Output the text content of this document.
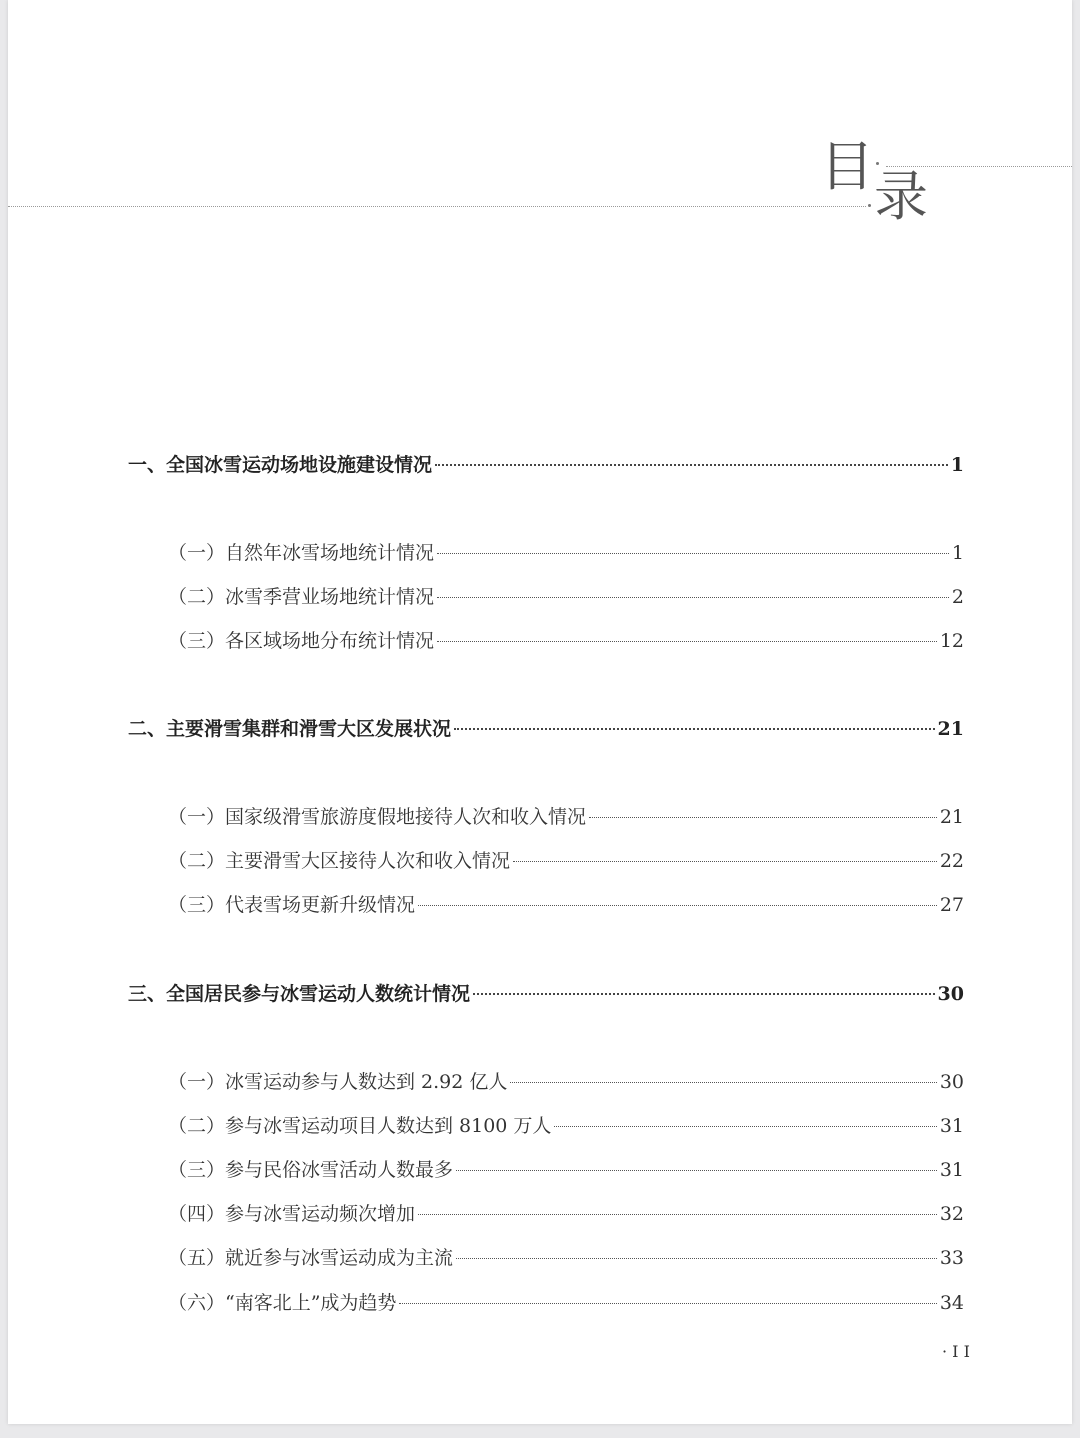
目 录
一、全国冰雪运动场地设施建设情况	1
（一）自然年冰雪场地统计情况	1
（二）冰雪季营业场地统计情况	2
（三）各区域场地分布统计情况	12
二、主要滑雪集群和滑雪大区发展状况	21
（一）国家级滑雪旅游度假地接待人次和收入情况	21
（二）主要滑雪大区接待人次和收入情况	22
（三）代表雪场更新升级情况	27
三、全国居民参与冰雪运动人数统计情况	30
（一）冰雪运动参与人数达到 2.92 亿人	30
（二）参与冰雪运动项目人数达到 8100 万人	31
（三）参与民俗冰雪活动人数最多	31
（四）参与冰雪运动频次增加	32
（五）就近参与冰雪运动成为主流	33
（六）“南客北上”成为趋势	34
· I I
